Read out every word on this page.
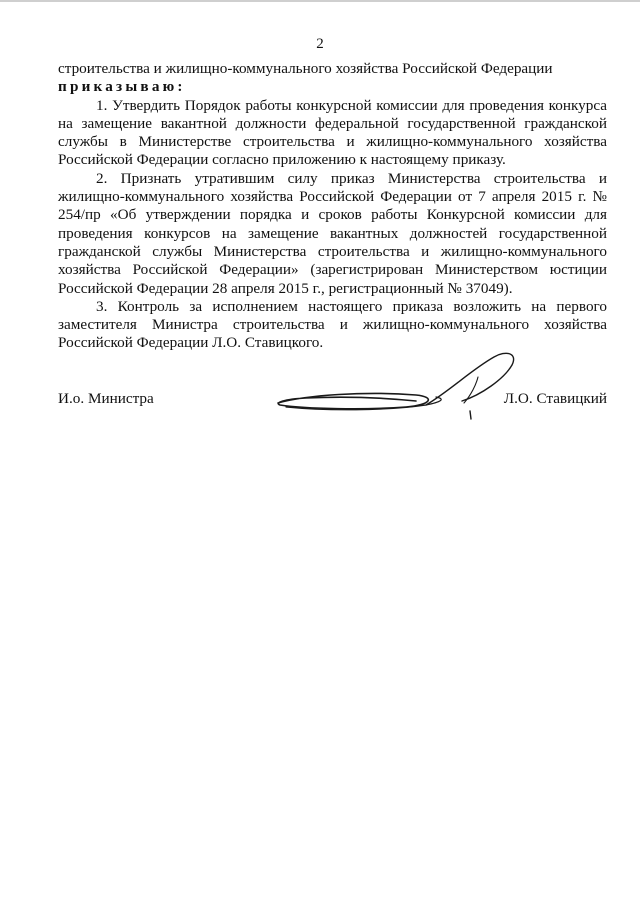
2

строительства и жилищно-коммунального хозяйства Российской Федерации

приказываю:

1. Утвердить Порядок работы конкурсной комиссии для проведения конкурса на замещение вакантной должности федеральной государственной гражданской службы в Министерстве строительства и жилищно-коммунального хозяйства Российской Федерации согласно приложению к настоящему приказу.

2. Признать утратившим силу приказ Министерства строительства и жилищно-коммунального хозяйства Российской Федерации от 7 апреля 2015 г. № 254/пр «Об утверждении порядка и сроков работы Конкурсной комиссии для проведения конкурсов на замещение вакантных должностей государственной гражданской службы Министерства строительства и жилищно-коммунального хозяйства Российской Федерации» (зарегистрирован Министерством юстиции Российской Федерации 28 апреля 2015 г., регистрационный № 37049).

3. Контроль за исполнением настоящего приказа возложить на первого заместителя Министра строительства и жилищно-коммунального хозяйства Российской Федерации Л.О. Ставицкого.

И.о. Министра	Л.О. Ставицкий
